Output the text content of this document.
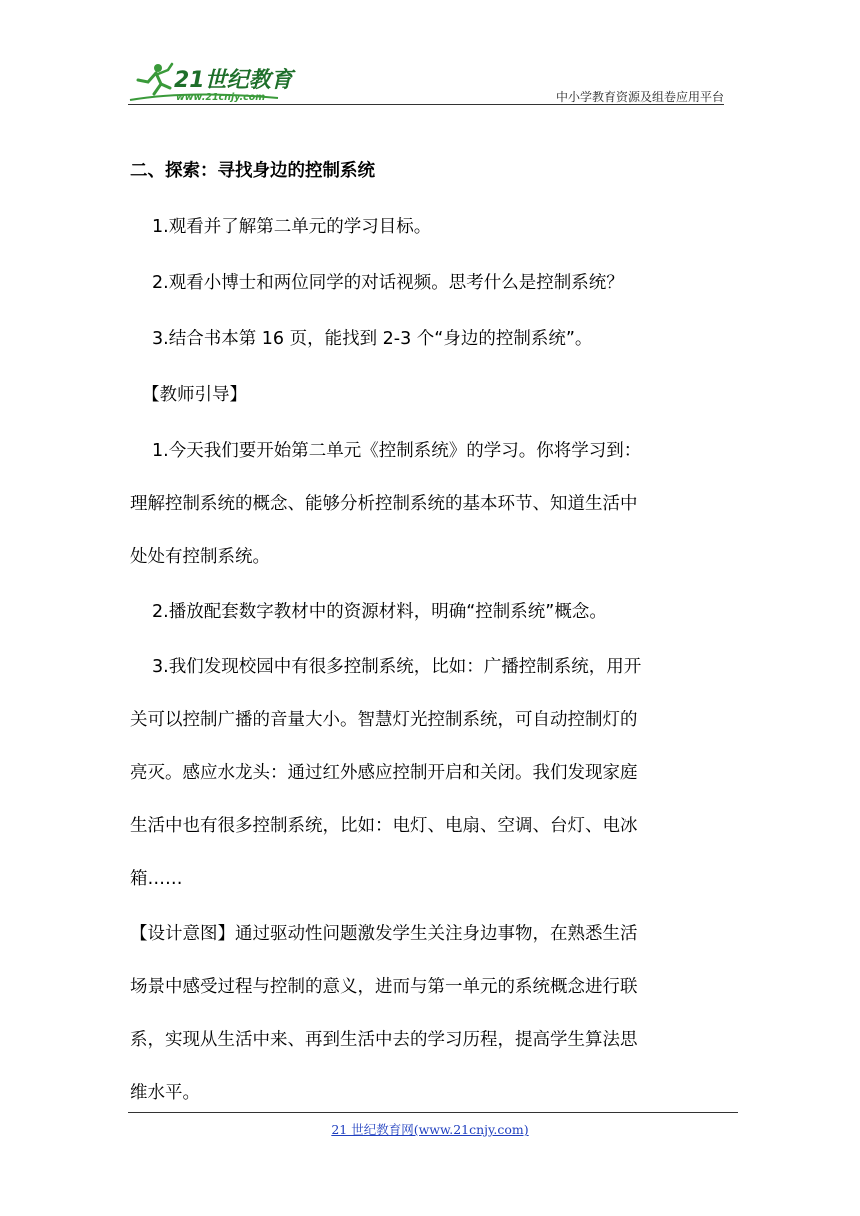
21世纪教育
www.21cnjy.com	中小学教育资源及组卷应用平台
二、探索：寻找身边的控制系统
1.观看并了解第二单元的学习目标。
2.观看小博士和两位同学的对话视频。思考什么是控制系统？
3.结合书本第 16 页，能找到 2-3 个“身边的控制系统”。
【教师引导】
1.今天我们要开始第二单元《控制系统》的学习。你将学习到：
理解控制系统的概念、能够分析控制系统的基本环节、知道生活中
处处有控制系统。
2.播放配套数字教材中的资源材料，明确“控制系统”概念。
3.我们发现校园中有很多控制系统，比如：广播控制系统，用开
关可以控制广播的音量大小。智慧灯光控制系统，可自动控制灯的
亮灭。感应水龙头：通过红外感应控制开启和关闭。我们发现家庭
生活中也有很多控制系统，比如：电灯、电扇、空调、台灯、电冰
箱……
【设计意图】通过驱动性问题激发学生关注身边事物，在熟悉生活
场景中感受过程与控制的意义，进而与第一单元的系统概念进行联
系，实现从生活中来、再到生活中去的学习历程，提高学生算法思
维水平。
21 世纪教育网(www.21cnjy.com)
